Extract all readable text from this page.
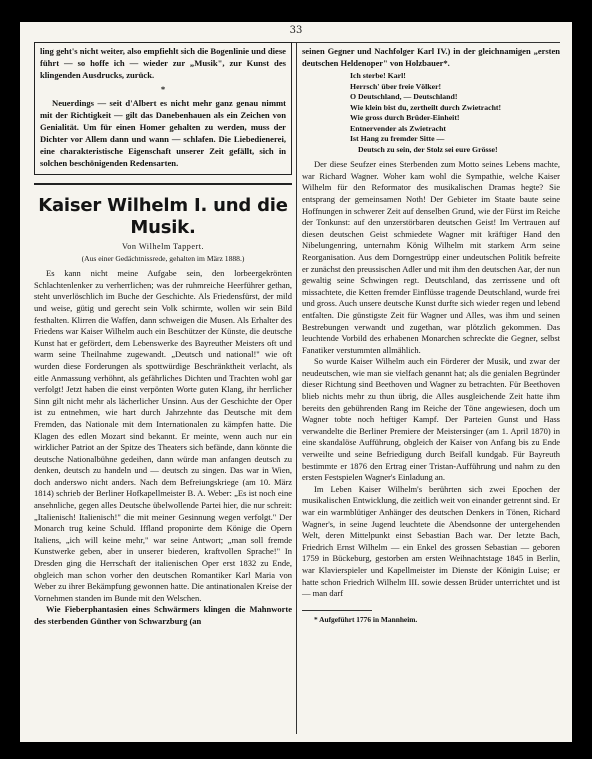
33

ling geht's nicht weiter, also empfiehlt sich die Bogenlinie und diese führt — so hoffe ich — wieder zur „Musik", zur Kunst des klingenden Ausdrucks, zurück.

*

Neuerdings — seit d'Albert es nicht mehr ganz genau nimmt mit der Richtigkeit — gilt das Danebenhauen als ein Zeichen von Genialität. Um für einen Homer gehalten zu werden, muss der Dichter vor Allem dann und wann — schlafen. Die Liebedienerei, eine charakteristische Eigenschaft unserer Zeit gefällt, sich in solchen beschönigenden Redensarten.

Kaiser Wilhelm I. und die Musik.
Von Wilhelm Tappert.
(Aus einer Gedächtnissrede, gehalten im März 1888.)

Es kann nicht meine Aufgabe sein, den lorbeergekrönten Schlachtenlenker zu verherrlichen; was der ruhmreiche Heerführer gethan, steht unverlöschlich im Buche der Geschichte. Als Friedensfürst, der mild und weise, gütig und gerecht sein Volk schirmte, wollen wir sein Bild festhalten. Klirren die Waffen, dann schweigen die Musen. Als Erhalter des Friedens war Kaiser Wilhelm auch ein Beschützer der Künste, die deutsche Kunst hat er gefördert, dem Lebenswerke des Bayreuther Meisters oft und warm seine Theilnahme zugewandt. „Deutsch und national!" wie oft wurden diese Forderungen als spottwürdige Beschränktheit verlacht, als eitle Anmassung verhöhnt, als gefährliches Dichten und Trachten wohl gar verfolgt! Jetzt haben die einst verpönten Worte guten Klang, ihr herrlicher Sinn gilt nicht mehr als lächerlicher Unsinn. Aus der Geschichte der Oper ist zu entnehmen, wie hart durch Jahrzehnte das Deutsche mit dem Fremden, das Nationale mit dem Internationalen zu kämpfen hatte. Die Klagen des edlen Mozart sind bekannt. Er meinte, wenn auch nur ein wirklicher Patriot an der Spitze des Theaters sich befände, dann könnte die deutsche Nationalbühne gedeihen, dann würde man anfangen deutsch zu denken, deutsch zu handeln und — deutsch zu singen. Das war in Wien, doch anderswo nicht anders. Nach dem Befreiungskriege (am 10. März 1814) schrieb der Berliner Hofkapellmeister B. A. Weber: „Es ist noch eine ansehnliche, gegen alles Deutsche übelwollende Partei hier, die nur schreit: „Italienisch! Italienisch!" die mit meiner Gesinnung wegen verfolgt." Der Monarch trug keine Schuld. Iffland proponirte dem Könige die Opern Italiens, „ich will keine mehr," war seine Antwort; „man soll fremde Kunstwerke geben, aber in unserer biederen, kraftvollen Sprache!" In Dresden ging die Herrschaft der italienischen Oper erst 1832 zu Ende, obgleich man schon vorher den deutschen Romantiker Karl Maria von Weber zu ihrer Bekämpfung gewonnen hatte. Die antinationalen Kreise der Vornehmen standen im Bunde mit den Welschen.

Wie Fieberphantasien eines Schwärmers klingen die Mahnworte des sterbenden Günther von Schwarzburg (an

seinen Gegner und Nachfolger Karl IV.) in der gleichnamigen „ersten deutschen Heldenoper" von Holzbauer*.

Ich sterbe! Karl!
Herrsch' über freie Völker!
O Deutschland, — Deutschland!
Wie klein bist du, zertheilt durch Zwietracht!
Wie gross durch Brüder-Einheit!
Entnervender als Zwietracht
Ist Hang zu fremder Sitte —
Deutsch zu sein, der Stolz sei eure Grösse!

Der diese Seufzer eines Sterbenden zum Motto seines Lebens machte, war Richard Wagner. Woher kam wohl die Sympathie, welche Kaiser Wilhelm für den Reformator des musikalischen Dramas hegte? Sie entsprang der gemeinsamen Noth! Der Gebieter im Staate baute seine Hoffnungen in schwerer Zeit auf denselben Grund, wie der Fürst im Reiche der Tonkunst: auf den unzerstörbaren deutschen Geist! Im Vertrauen auf diesen deutschen Geist schmiedete Wagner mit kräftiger Hand den Nibelungenring, unternahm König Wilhelm mit starkem Arm seine Reorganisation. Aus dem Dorngestrüpp einer undeutschen Politik befreite er zunächst den preussischen Adler und mit ihm den deutschen Aar, der nun gewaltig seine Schwingen regt. Deutschland, das zerrissene und oft missachtete, die Ketten fremder Einflüsse tragende Deutschland, wurde frei und gross. Auch unsere deutsche Kunst durfte sich wieder regen und lebend entfalten. Die günstigste Zeit für Wagner und Alles, was ihm und seinen Bestrebungen verwandt und zugethan, war plötzlich gekommen. Das leuchtende Vorbild des erhabenen Monarchen schreckte die Gegner, selbst Fanatiker verstummten allmählich.

So wurde Kaiser Wilhelm auch ein Förderer der Musik, und zwar der neudeutschen, wie man sie vielfach genannt hat; als die genialen Begründer dieser Richtung sind Beethoven und Wagner zu betrachten. Für Beethoven blieb nichts mehr zu thun übrig, die Alles ausgleichende Zeit hatte ihm bereits den gebührenden Rang im Reiche der Töne angewiesen, doch um Wagner tobte noch heftiger Kampf. Der Parteien Gunst und Hass verwandelte die Berliner Premiere der Meistersinger (am 1. April 1870) in eine skandalöse Aufführung, obgleich der Kaiser von Anfang bis zu Ende verweilte und seine Befriedigung durch Beifall kundgab. Für Bayreuth bestimmte er 1876 den Ertrag einer Tristan-Aufführung und nahm zu den ersten Festspielen Wagner's Einladung an.

Im Leben Kaiser Wilhelm's berührten sich zwei Epochen der musikalischen Entwicklung, die zeitlich weit von einander getrennt sind. Er war ein warmblütiger Anhänger des deutschen Denkers in Tönen, Richard Wagner's, in seine Jugend leuchtete die Abendsonne der untergehenden Welt, deren Mittelpunkt einst Sebastian Bach war. Der letzte Bach, Friedrich Ernst Wilhelm — ein Enkel des grossen Sebastian — geboren 1759 in Bückeburg, gestorben am ersten Weihnachtstage 1845 in Berlin, war Klavierspieler und Kapellmeister im Dienste der Königin Luise; er hatte schon Friedrich Wilhelm III. sowie dessen Brüder unterrichtet und ist — man darf

* Aufgeführt 1776 in Mannheim.
